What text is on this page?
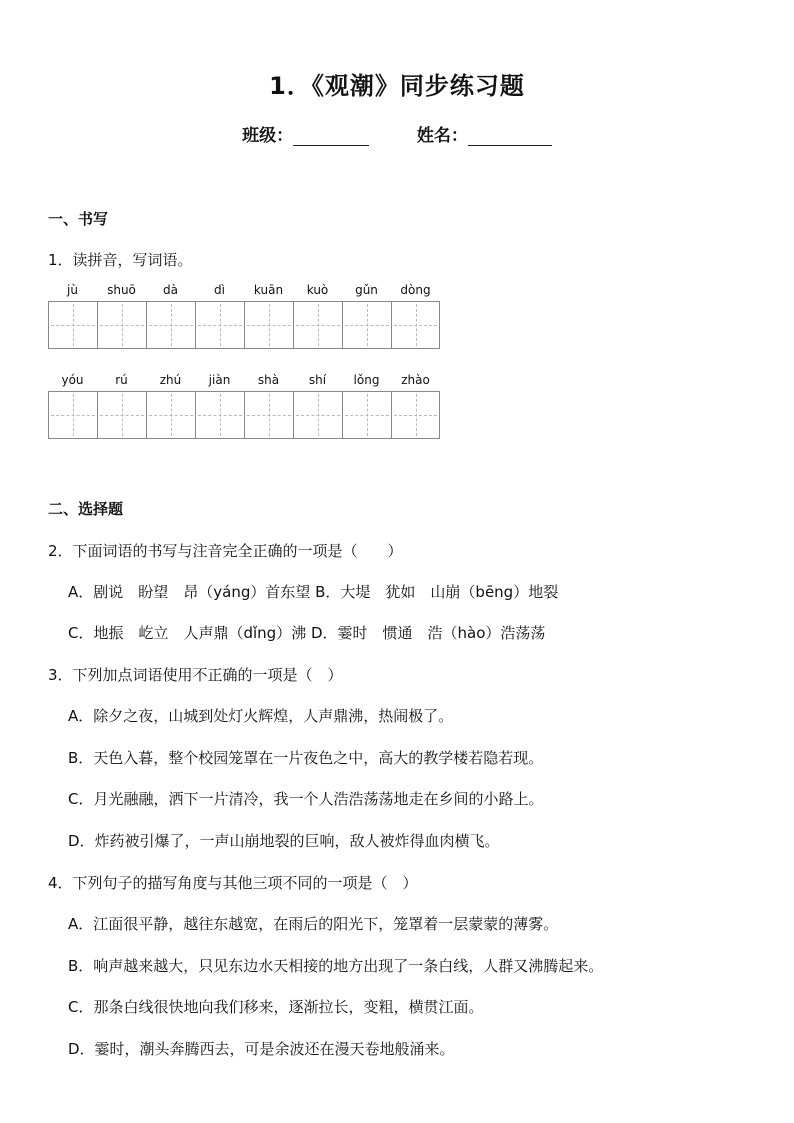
1．《观潮》同步练习题
班级：	姓名：
一、书写
1．读拼音，写词语。
jù shuō dà	dì kuān kuò gǔn dòng
yóu	rú	zhú jiàn shà shí lǒng zhào
二、选择题
2．下面词语的书写与注音完全正确的一项是（　　）
A．剧说　盼望　昂（yáng）首东望 B．大堤　犹如　山崩（bēng）地裂
C．地振　屹立　人声鼎（dǐng）沸 D．霎时　惯通　浩（hào）浩荡荡
3．下列加点词语使用不正确的一项是（　）
A．除夕之夜，山城到处灯火辉煌，人声鼎沸，热闹极了。
B．天色入暮，整个校园笼罩在一片夜色之中，高大的教学楼若隐若现。
C．月光融融，洒下一片清冷，我一个人浩浩荡荡地走在乡间的小路上。
D．炸药被引爆了，一声山崩地裂的巨响，敌人被炸得血肉横飞。
4．下列句子的描写角度与其他三项不同的一项是（　）
A．江面很平静，越往东越宽，在雨后的阳光下，笼罩着一层蒙蒙的薄雾。
B．响声越来越大，只见东边水天相接的地方出现了一条白线，人群又沸腾起来。
C．那条白线很快地向我们移来，逐渐拉长，变粗，横贯江面。
D．霎时，潮头奔腾西去，可是余波还在漫天卷地般涌来。
